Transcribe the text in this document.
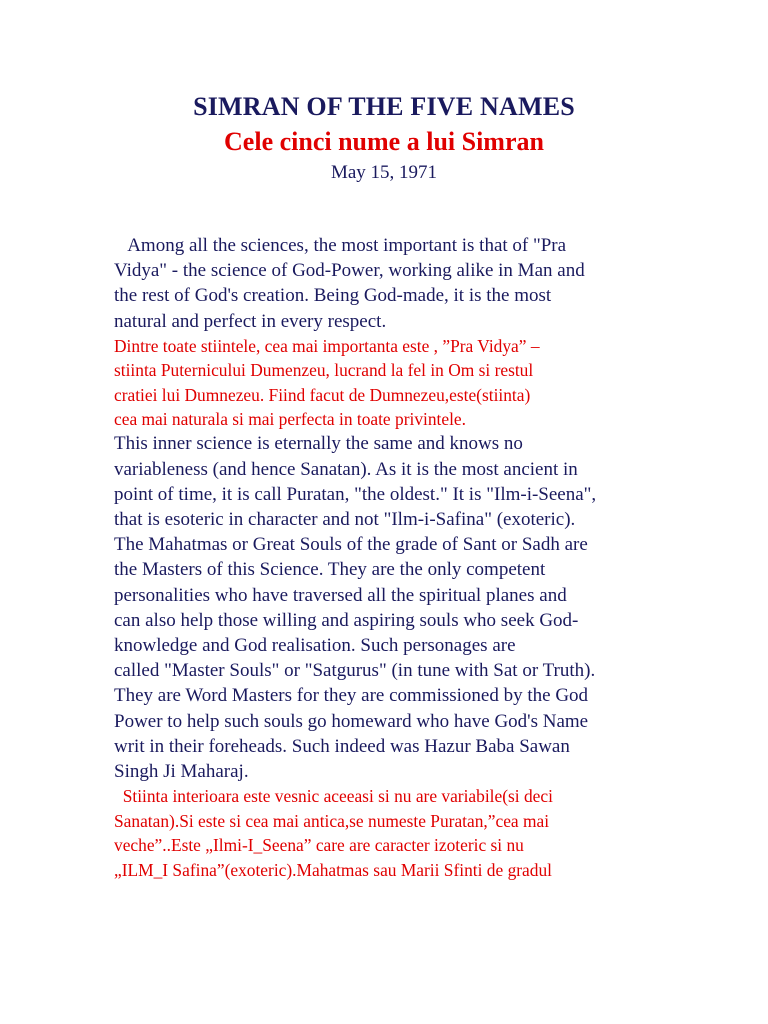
SIMRAN OF THE FIVE NAMES
Cele cinci nume a lui Simran
May 15, 1971
Among all the sciences, the most important is that of "Pra
Vidya" - the science of God-Power, working alike in Man and
the rest of God's creation. Being God-made, it is the most
natural and perfect in every respect.
Dintre toate stiintele, cea mai importanta este , ”Pra Vidya” –
stiinta Puternicului Dumenzeu, lucrand la fel in Om si restul
cratiei lui Dumnezeu. Fiind facut de Dumnezeu,este(stiinta)
cea mai naturala si mai perfecta in toate privintele.
This inner science is eternally the same and knows no
variableness (and hence Sanatan). As it is the most ancient in
point of time, it is call Puratan, "the oldest." It is "Ilm-i-Seena",
that is esoteric in character and not "Ilm-i-Safina" (exoteric).
The Mahatmas or Great Souls of the grade of Sant or Sadh are
the Masters of this Science. They are the only competent
personalities who have traversed all the spiritual planes and
can also help those willing and aspiring souls who seek God-
knowledge and God realisation. Such personages are
called "Master Souls" or "Satgurus" (in tune with Sat or Truth).
They are Word Masters for they are commissioned by the God
Power to help such souls go homeward who have God's Name
writ in their foreheads. Such indeed was Hazur Baba Sawan
Singh Ji Maharaj.
Stiinta interioara este vesnic aceeasi si nu are variabile(si deci
Sanatan).Si este si cea mai antica,se numeste Puratan,”cea mai
veche”..Este „Ilmi-I_Seena” care are caracter izoteric si nu
„ILM_I Safina”(exoteric).Mahatmas sau Marii Sfinti de gradul
